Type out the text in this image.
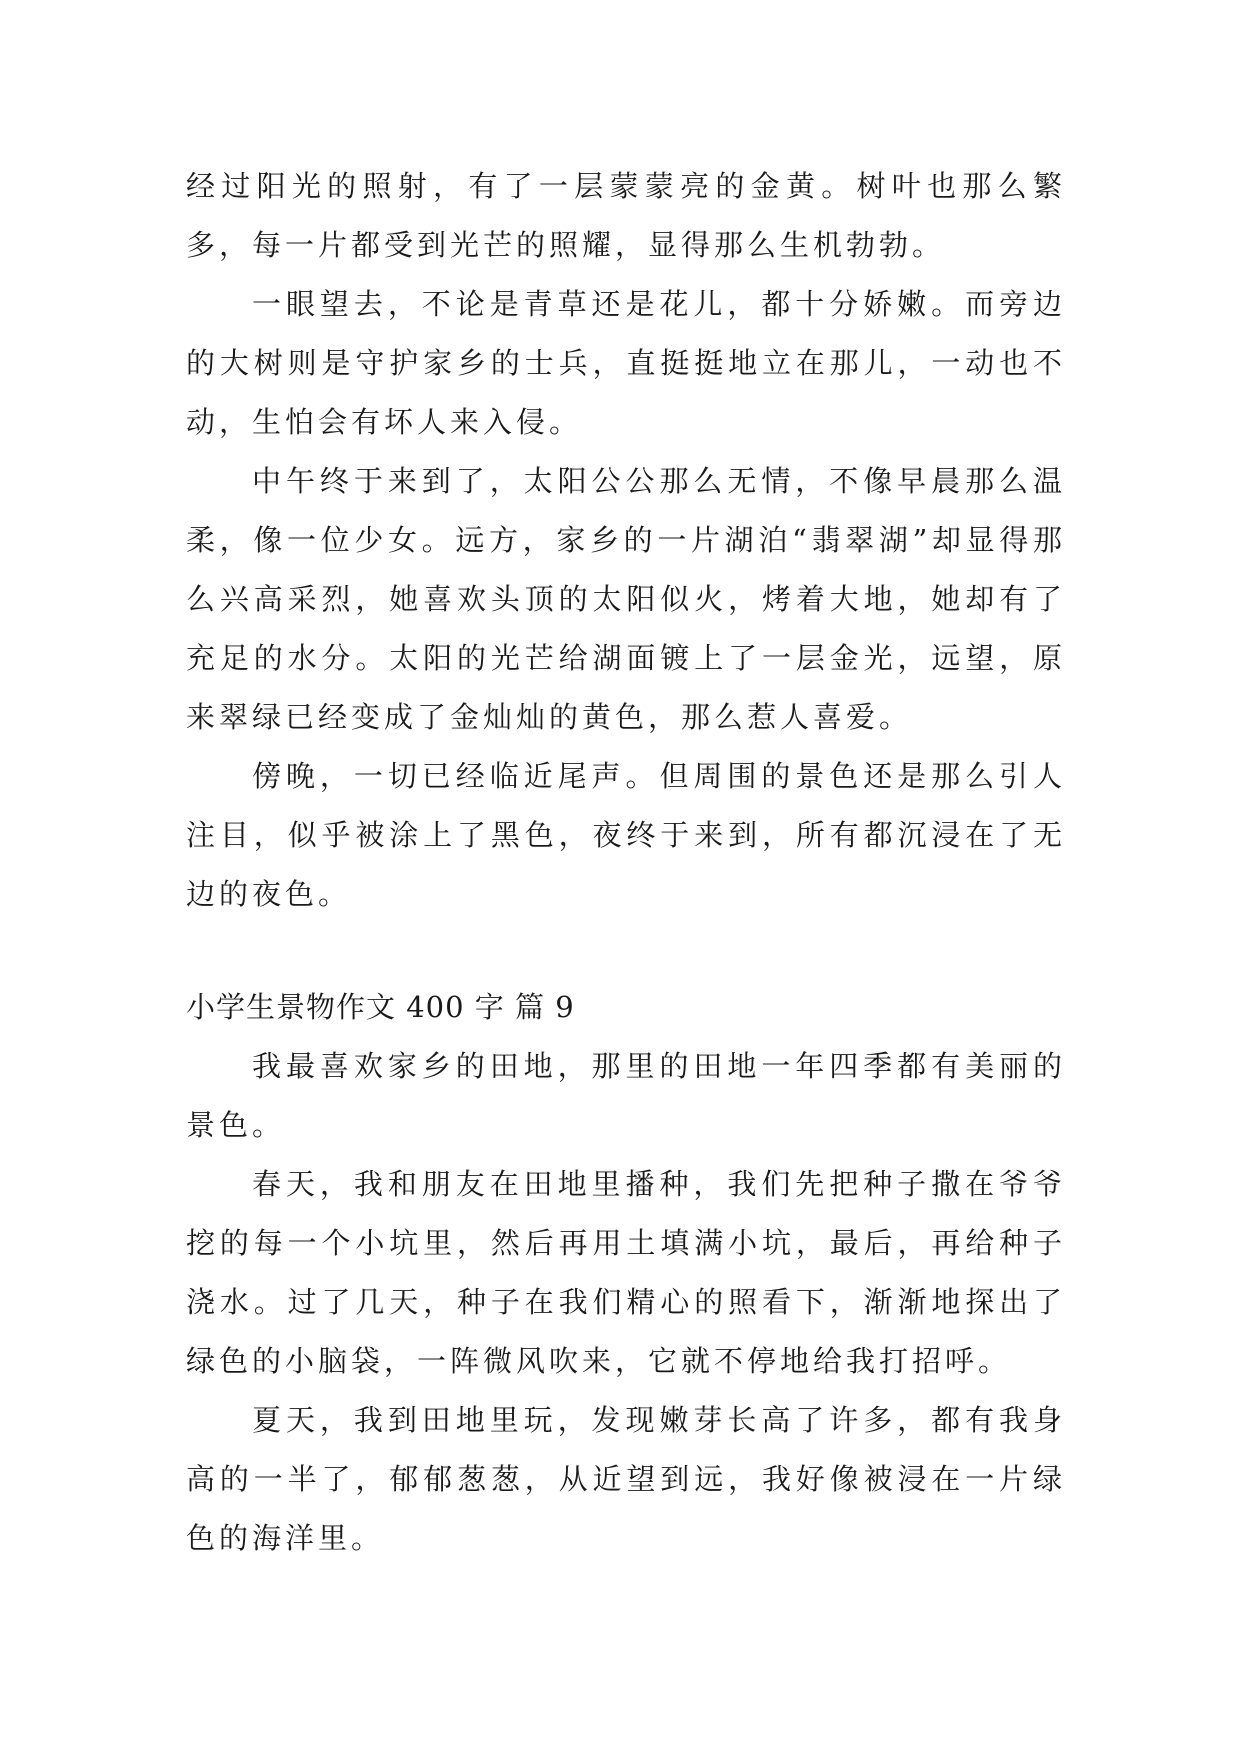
经过阳光的照射，有了一层蒙蒙亮的金黄。树叶也那么繁多，每一片都受到光芒的照耀，显得那么生机勃勃。

一眼望去，不论是青草还是花儿，都十分娇嫩。而旁边的大树则是守护家乡的士兵，直挺挺地立在那儿，一动也不动，生怕会有坏人来入侵。

中午终于来到了，太阳公公那么无情，不像早晨那么温柔，像一位少女。远方，家乡的一片湖泊“翡翠湖”却显得那么兴高采烈，她喜欢头顶的太阳似火，烤着大地，她却有了充足的水分。太阳的光芒给湖面镀上了一层金光，远望，原来翠绿已经变成了金灿灿的黄色，那么惹人喜爱。

傍晚，一切已经临近尾声。但周围的景色还是那么引人注目，似乎被涂上了黑色，夜终于来到，所有都沉浸在了无边的夜色。

小学生景物作文 400 字 篇 9

我最喜欢家乡的田地，那里的田地一年四季都有美丽的景色。

春天，我和朋友在田地里播种，我们先把种子撒在爷爷挖的每一个小坑里，然后再用土填满小坑，最后，再给种子浇水。过了几天，种子在我们精心的照看下，渐渐地探出了绿色的小脑袋，一阵微风吹来，它就不停地给我打招呼。

夏天，我到田地里玩，发现嫩芽长高了许多，都有我身高的一半了，郁郁葱葱，从近望到远，我好像被浸在一片绿色的海洋里。
